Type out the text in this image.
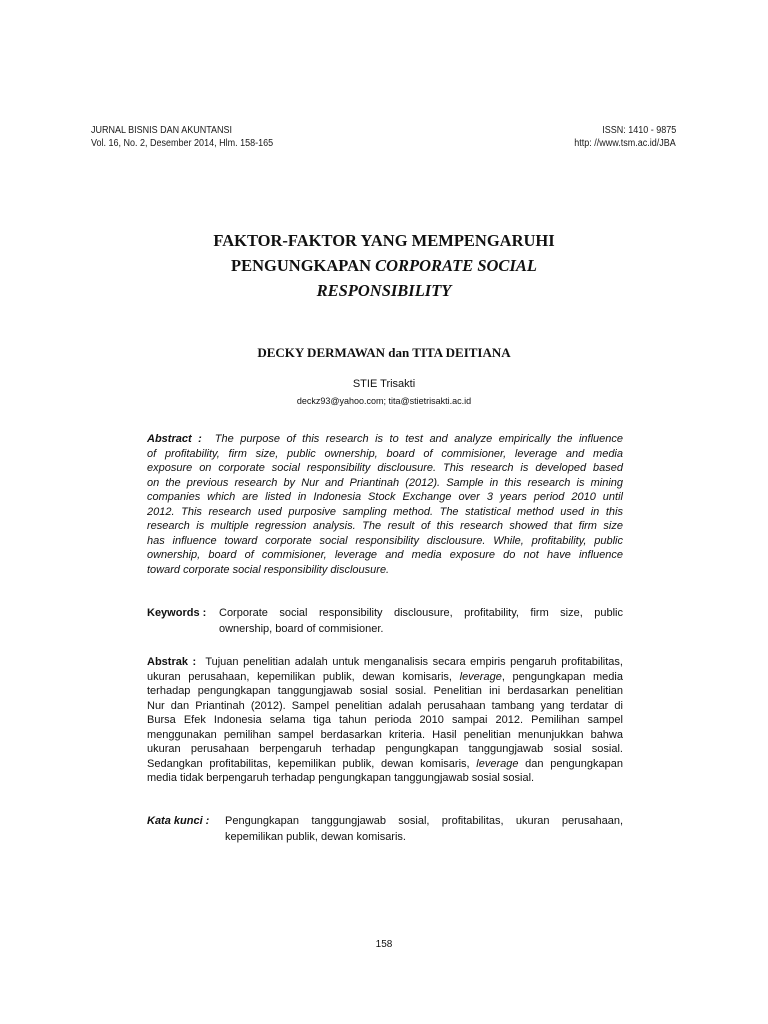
JURNAL BISNIS DAN AKUNTANSI
Vol. 16, No. 2, Desember 2014, Hlm. 158-165
ISSN: 1410 - 9875
http: //www.tsm.ac.id/JBA
FAKTOR-FAKTOR YANG MEMPENGARUHI
PENGUNGKAPAN CORPORATE SOCIAL
RESPONSIBILITY
DECKY DERMAWAN dan TITA DEITIANA
STIE Trisakti
deckz93@yahoo.com; tita@stietrisakti.ac.id
Abstract : The purpose of this research is to test and analyze empirically the influence
of profitability, firm size, public ownership, board of commisioner, leverage and media
exposure on corporate social responsibility disclousure. This research is developed based
on the previous research by Nur and Priantinah (2012). Sample in this research is mining
companies which are listed in Indonesia Stock Exchange over 3 years period 2010 until
2012. This research used purposive sampling method. The statistical method used in this
research is multiple regression analysis. The result of this research showed that firm size
has influence toward corporate social responsibility disclousure. While, profitability, public
ownership, board of commisioner, leverage and media exposure do not have influence
toward corporate social responsibility disclousure.
Keywords :	Corporate social responsibility disclousure, profitability, firm size, public
ownership, board of commisioner.
Abstrak : Tujuan penelitian adalah untuk menganalisis secara empiris pengaruh profitabilitas,
ukuran perusahaan, kepemilikan publik, dewan komisaris, leverage, pengungkapan media
terhadap pengungkapan tanggungjawab sosial sosial. Penelitian ini berdasarkan penelitian
Nur dan Priantinah (2012). Sampel penelitian adalah perusahaan tambang yang terdatar di
Bursa Efek Indonesia selama tiga tahun perioda 2010 sampai 2012. Pemilihan sampel
menggunakan pemilihan sampel berdasarkan kriteria. Hasil penelitian menunjukkan bahwa
ukuran perusahaan berpengaruh terhadap pengungkapan tanggungjawab sosial sosial.
Sedangkan profitabilitas, kepemilikan publik, dewan komisaris, leverage dan pengungkapan
media tidak berpengaruh terhadap pengungkapan tanggungjawab sosial sosial.
Kata kunci :	Pengungkapan tanggungjawab sosial, profitabilitas, ukuran perusahaan,
kepemilikan publik, dewan komisaris.
158
